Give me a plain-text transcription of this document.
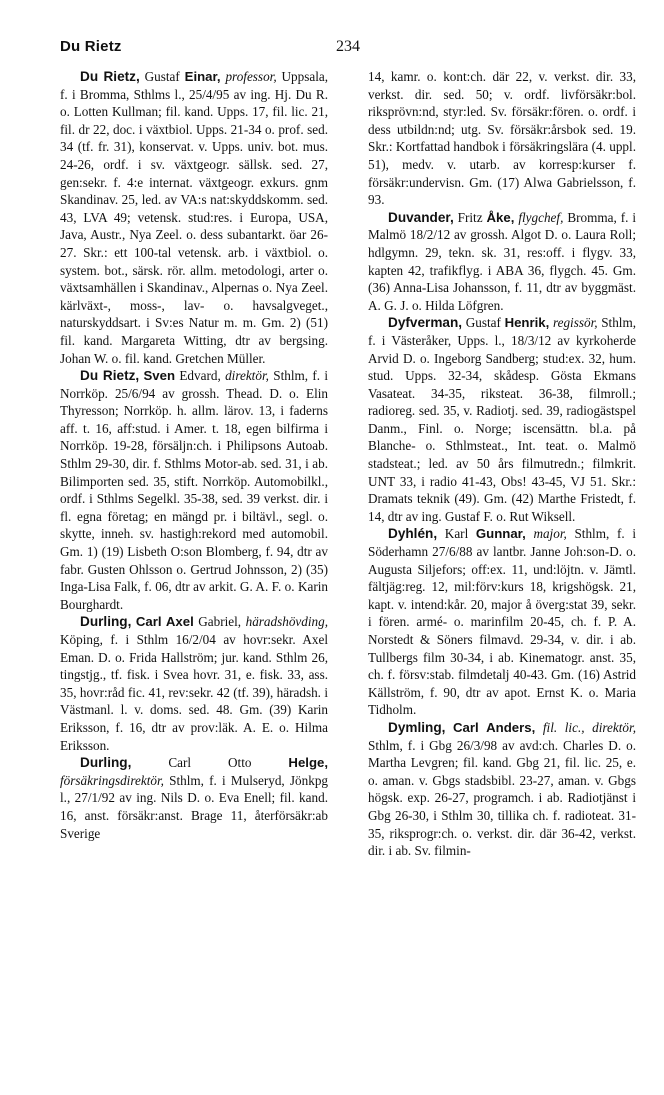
Du Rietz	234

Du Rietz, Gustaf Einar, professor, Uppsala, f. i Bromma, Sthlms l., 25/4/95 av ing. Hj. Du R. o. Lotten Kullman; fil. kand. Upps. 17, fil. lic. 21, fil. dr 22, doc. i växtbiol. Upps. 21-34 o. prof. sed. 34 (tf. fr. 31), konservat. v. Upps. univ. bot. mus. 24-26, ordf. i sv. växtgeogr. sällsk. sed. 27, gen:sekr. f. 4:e internat. växtgeogr. exkurs. gnm Skandinav. 25, led. av VA:s nat:skyddskomm. sed. 43, LVA 49; vetensk. stud:res. i Europa, USA, Java, Austr., Nya Zeel. o. dess subantarkt. öar 26-27. Skr.: ett 100-tal vetensk. arb. i växtbiol. o. system. bot., särsk. rör. allm. metodologi, arter o. växtsamhällen i Skandinav., Alpernas o. Nya Zeel. kärlväxt-, moss-, lav- o. havsalgveget., naturskyddsart. i Sv:es Natur m. m. Gm. 2) (51) fil. kand. Margareta Witting, dtr av bergsing. Johan W. o. fil. kand. Gretchen Müller.

Du Rietz, Sven Edvard, direktör, Sthlm, f. i Norrköp. 25/6/94 av grossh. Thead. D. o. Elin Thyresson; Norrköp. h. allm. lärov. 13, i faderns aff. t. 16, aff:stud. i Amer. t. 18, egen bilfirma i Norrköp. 19-28, försäljn:ch. i Philipsons Autoab. Sthlm 29-30, dir. f. Sthlms Motor-ab. sed. 31, i ab. Bilimporten sed. 35, stift. Norrköp. Automobilkl., ordf. i Sthlms Segelkl. 35-38, sed. 39 verkst. dir. i fl. egna företag; en mängd pr. i biltävl., segl. o. skytte, inneh. sv. hastigh:rekord med automobil. Gm. 1) (19) Lisbeth O:son Blomberg, f. 94, dtr av fabr. Gusten Ohlsson o. Gertrud Johnsson, 2) (35) Inga-Lisa Falk, f. 06, dtr av arkit. G. A. F. o. Karin Bourghardt.

Durling, Carl Axel Gabriel, häradshövding, Köping, f. i Sthlm 16/2/04 av hovr:sekr. Axel Eman. D. o. Frida Hallström; jur. kand. Sthlm 26, tingstjg., tf. fisk. i Svea hovr. 31, e. fisk. 33, ass. 35, hovr:råd fic. 41, rev:sekr. 42 (tf. 39), häradsh. i Västmanl. l. v. doms. sed. 48. Gm. (39) Karin Eriksson, f. 16, dtr av prov:läk. A. E. o. Hilma Eriksson.

Durling,	Carl Otto	Helge, försäkringsdirektör, Sthlm, f. i Mulseryd, Jönkpg l., 27/1/92 av ing. Nils D. o. Eva Enell; fil. kand. 16, anst. försäkr:anst. Brage 11, återförsäkr:ab Sverige

14, kamr. o. kont:ch. där 22, v. verkst. dir. 33, verkst. dir. sed. 50; v. ordf. livförsäkr:bol. riksprövn:nd, styr:led. Sv. försäkr:fören. o. ordf. i dess utbildn:nd; utg. Sv. försäkr:årsbok sed. 19. Skr.: Kortfattad handbok i försäkringslära (4. uppl. 51), medv. v. utarb. av korresp:kurser f. försäkr:undervisn. Gm. (17) Alwa Gabrielsson, f. 93.

Duvander, Fritz Åke, flygchef, Bromma, f. i Malmö 18/2/12 av grossh. Algot D. o. Laura Roll; hdlgymn. 29, tekn. sk. 31, res:off. i flygv. 33, kapten 42, trafikflyg. i ABA 36, flygch. 45. Gm. (36) Anna-Lisa Johansson, f. 11, dtr av byggmäst. A. G. J. o. Hilda Löfgren.

Dyfverman, Gustaf Henrik, regissör, Sthlm, f. i Västeråker, Upps. l., 18/3/12 av kyrkoherde Arvid D. o. Ingeborg Sandberg; stud:ex. 32, hum. stud. Upps. 32-34, skådesp. Gösta Ekmans Vasateat. 34-35, riksteat. 36-38, filmroll.; radioreg. sed. 35, v. Radiotj. sed. 39, radiogästspel Danm., Finl. o. Norge; iscensättn. bl.a. på Blanche- o. Sthlmsteat., Int. teat. o. Malmö stadsteat.; led. av 50 års filmutredn.; filmkrit. UNT 33, i radio 41-43, Obs! 43-45, VJ 51. Skr.: Dramats teknik (49). Gm. (42) Marthe Fristedt, f. 14, dtr av ing. Gustaf F. o. Rut Wiksell.

Dyhlén, Karl Gunnar, major, Sthlm, f. i Söderhamn 27/6/88 av lantbr. Janne Joh:son-D. o. Augusta Siljefors; off:ex. 11, und:löjtn. v. Jämtl. fältjäg:reg. 12, mil:förv:kurs 18, krigshögsk. 21, kapt. v. intend:kår. 20, major å överg:stat 39, sekr. i fören. armé- o. marinfilm 20-45, ch. f. P. A. Norstedt & Söners filmavd. 29-34, v. dir. i ab. Tullbergs film 30-34, i ab. Kinematogr. anst. 35, ch. f. försv:stab. filmdetalj 40-43. Gm. (16) Astrid Källström, f. 90, dtr av apot. Ernst K. o. Maria Tidholm.

Dymling, Carl Anders, fil. lic., direktör, Sthlm, f. i Gbg 26/3/98 av avd:ch. Charles D. o. Martha Levgren; fil. kand. Gbg 21, fil. lic. 25, e. o. aman. v. Gbgs stadsbibl. 23-27, aman. v. Gbgs högsk. exp. 26-27, programch. i ab. Radiotjänst i Gbg 26-30, i Sthlm 30, tillika ch. f. radioteat. 31-35, riksprogr:ch. o. verkst. dir. där 36-42, verkst. dir. i ab. Sv. filmin-
